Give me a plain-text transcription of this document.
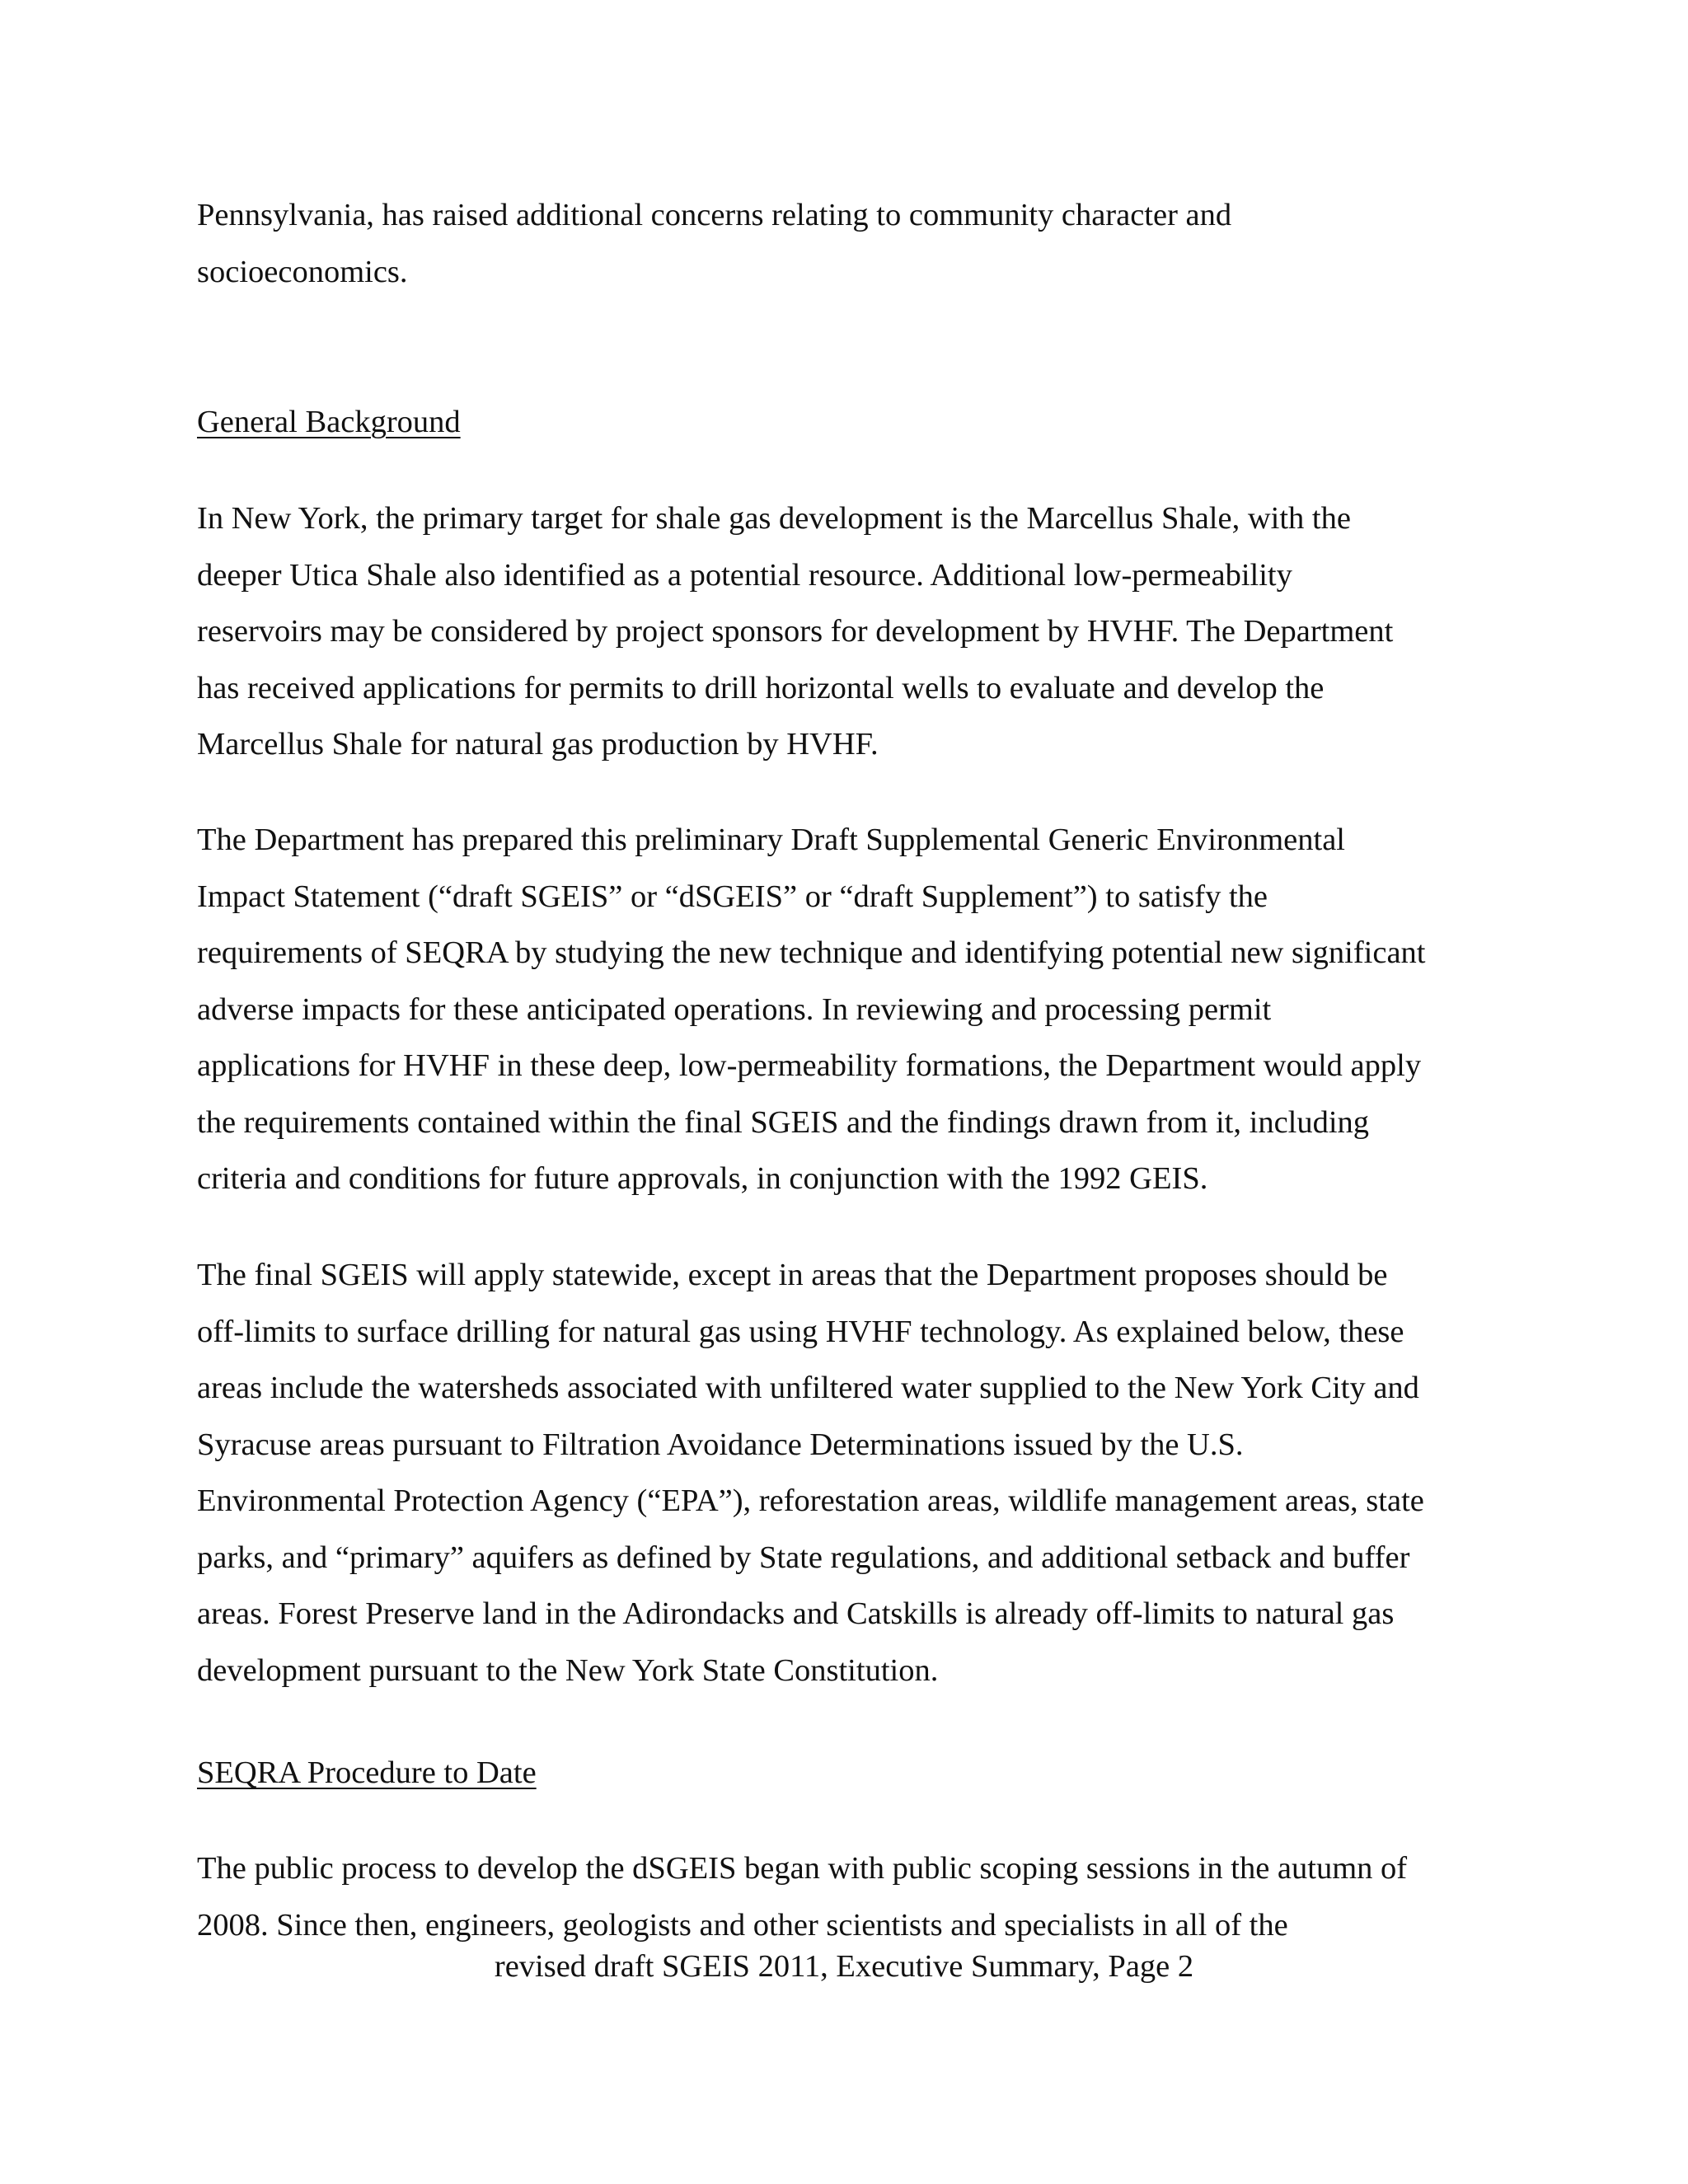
Pennsylvania, has raised additional concerns relating to community character and
socioeconomics.

General Background

In New York, the primary target for shale gas development is the Marcellus Shale, with the
deeper Utica Shale also identified as a potential resource. Additional low-permeability
reservoirs may be considered by project sponsors for development by HVHF. The Department
has received applications for permits to drill horizontal wells to evaluate and develop the
Marcellus Shale for natural gas production by HVHF.

The Department has prepared this preliminary Draft Supplemental Generic Environmental
Impact Statement (“draft SGEIS” or “dSGEIS” or “draft Supplement”) to satisfy the
requirements of SEQRA by studying the new technique and identifying potential new significant
adverse impacts for these anticipated operations. In reviewing and processing permit
applications for HVHF in these deep, low-permeability formations, the Department would apply
the requirements contained within the final SGEIS and the findings drawn from it, including
criteria and conditions for future approvals, in conjunction with the 1992 GEIS.

The final SGEIS will apply statewide, except in areas that the Department proposes should be
off-limits to surface drilling for natural gas using HVHF technology. As explained below, these
areas include the watersheds associated with unfiltered water supplied to the New York City and
Syracuse areas pursuant to Filtration Avoidance Determinations issued by the U.S.
Environmental Protection Agency (“EPA”), reforestation areas, wildlife management areas, state
parks, and “primary” aquifers as defined by State regulations, and additional setback and buffer
areas. Forest Preserve land in the Adirondacks and Catskills is already off-limits to natural gas
development pursuant to the New York State Constitution.

SEQRA Procedure to Date

The public process to develop the dSGEIS began with public scoping sessions in the autumn of
2008. Since then, engineers, geologists and other scientists and specialists in all of the

revised draft SGEIS 2011, Executive Summary, Page 2
